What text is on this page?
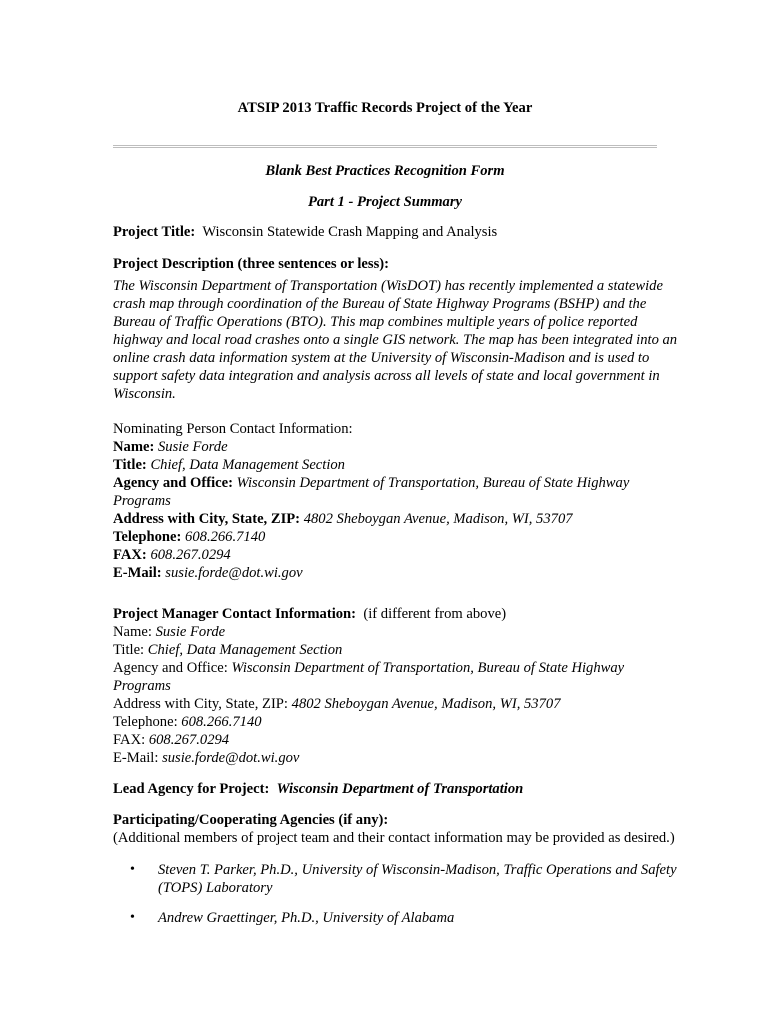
ATSIP 2013 Traffic Records Project of the Year
Blank Best Practices Recognition Form
Part 1 - Project Summary
Project Title: Wisconsin Statewide Crash Mapping and Analysis
Project Description (three sentences or less):
The Wisconsin Department of Transportation (WisDOT) has recently implemented a statewide
crash map through coordination of the Bureau of State Highway Programs (BSHP) and the
Bureau of Traffic Operations (BTO). This map combines multiple years of police reported
highway and local road crashes onto a single GIS network. The map has been integrated into an
online crash data information system at the University of Wisconsin-Madison and is used to
support safety data integration and analysis across all levels of state and local government in
Wisconsin.
Nominating Person Contact Information:
Name: Susie Forde
Title: Chief, Data Management Section
Agency and Office: Wisconsin Department of Transportation, Bureau of State Highway
Programs
Address with City, State, ZIP: 4802 Sheboygan Avenue, Madison, WI, 53707
Telephone: 608.266.7140
FAX: 608.267.0294
E-Mail: susie.forde@dot.wi.gov
Project Manager Contact Information: (if different from above)
Name: Susie Forde
Title: Chief, Data Management Section
Agency and Office: Wisconsin Department of Transportation, Bureau of State Highway
Programs
Address with City, State, ZIP: 4802 Sheboygan Avenue, Madison, WI, 53707
Telephone: 608.266.7140
FAX: 608.267.0294
E-Mail: susie.forde@dot.wi.gov
Lead Agency for Project: Wisconsin Department of Transportation
Participating/Cooperating Agencies (if any):
(Additional members of project team and their contact information may be provided as desired.)
• Steven T. Parker, Ph.D., University of Wisconsin-Madison, Traffic Operations and Safety
(TOPS) Laboratory
• Andrew Graettinger, Ph.D., University of Alabama
